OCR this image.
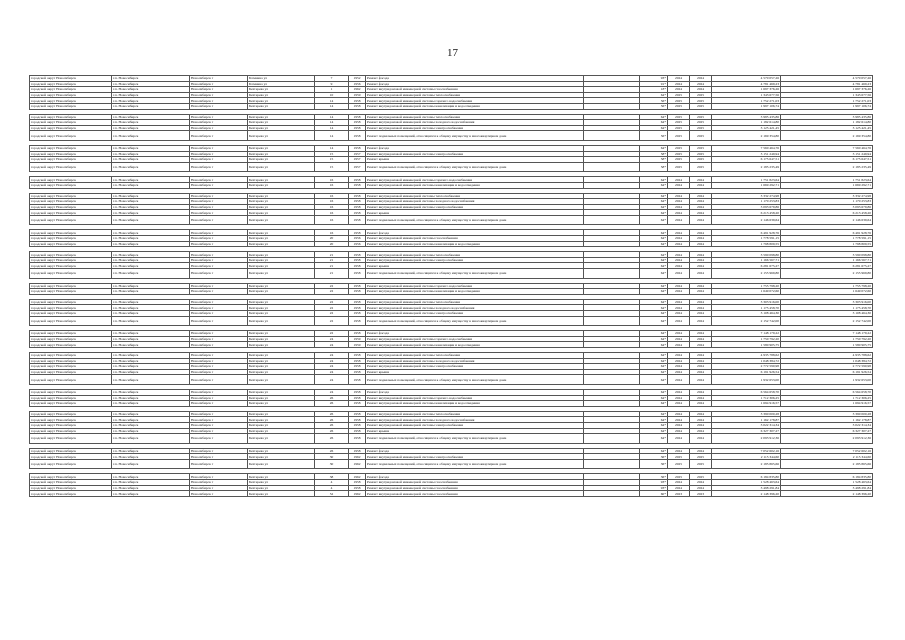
17
городской округ Новосибирск	г.п. Новосибирск	Новосибирск г	Батенина ул	7	1952	Ремонт фасада		93*	2024	2024	4 570 057,26	4 570 057,26
городской округ Новосибирск	г.п. Новосибирск	Новосибирск г	Батенина ул	9	1956	Ремонт фасада		91*	2024	2024	4 781 469,23	4 781 469,23
городской округ Новосибирск	г.п. Новосибирск	Новосибирск г	Бехтерева ул	1	1962	Ремонт внутридомовой инженерной системы газоснабжения		18*	2024	2024	1 697 376,26	1 697 376,26
городской округ Новосибирск	г.п. Новосибирск	Новосибирск г	Бехтерева ул	10	1959	Ремонт внутридомовой инженерной системы теплоснабжения		64*	2025	2025	1 343 677,56	1 343 677,56
городской округ Новосибирск	г.п. Новосибирск	Новосибирск г	Бехтерева ул	14	1958	Ремонт внутридомовой инженерной системы горячего водоснабжения		56*	2025	2025	1 752 271,03	1 752 271,03
городской округ Новосибирск	г.п. Новосибирск	Новосибирск г	Бехтерева ул	14	1958	Ремонт внутридомовой инженерной системы канализации и водоотведения		56*	2025	2025	1 997 106,74	1 997 106,74

городской округ Новосибирск	г.п. Новосибирск	Новосибирск г	Бехтерева ул	14	1958	Ремонт внутридомовой инженерной системы теплоснабжения		64*	2025	2025	3 985 435,86	3 985 435,86
городской округ Новосибирск	г.п. Новосибирск	Новосибирск г	Бехтерева ул	14	1958	Ремонт внутридомовой инженерной системы холодного водоснабжения		64*	2025	2025	1 182 614,80	1 182 614,80
городской округ Новосибирск	г.п. Новосибирск	Новосибирск г	Бехтерева ул	14	1958	Ремонт внутридомовой инженерной системы электроснабжения		64*	2025	2025	3 125 421,45	3 125 421,45
городской округ Новосибирск	г.п. Новосибирск	Новосибирск г	Бехтерева ул	14	1958	Ремонт подвальных помещений, относящихся к общему имуществу в многоквартирном доме		56*	2025	2025	2 169 354,80	2 169 354,80

городской округ Новосибирск	г.п. Новосибирск	Новосибирск г	Бехтерева ул	14	1958	Ремонт фасада		64*	2025	2025	7 560 464,76	7 560 464,76
городской округ Новосибирск	г.п. Новосибирск	Новосибирск г	Бехтерева ул	15	1957	Ремонт внутридомовой инженерной системы электроснабжения		58*	2025	2025	3 151 249,94	3 151 249,94
городской округ Новосибирск	г.п. Новосибирск	Новосибирск г	Бехтерева ул	15	1957	Ремонт крыши		58*	2025	2025	6 175 647,51	6 175 647,51
городской округ Новосибирск	г.п. Новосибирск	Новосибирск г	Бехтерева ул	15	1957	Ремонт подвальных помещений, относящихся к общему имуществу в многоквартирном доме		58*	2025	2025	2 185 235,49	2 185 235,49

городской округ Новосибирск	г.п. Новосибирск	Новосибирск г	Бехтерева ул	16	1958	Ремонт внутридомовой инженерной системы горячего водоснабжения		64*	2024	2024	1 751 823,64	1 751 823,64
городской округ Новосибирск	г.п. Новосибирск	Новосибирск г	Бехтерева ул	16	1958	Ремонт внутридомовой инженерной системы канализации и водоотведения		64*	2024	2024	1 669 292,71	1 669 292,71

городской округ Новосибирск	г.п. Новосибирск	Новосибирск г	Бехтерева ул	16	1958	Ремонт внутридомовой инженерной системы теплоснабжения		64*	2024	2024	3 332 274,98	3 332 274,98
городской округ Новосибирск	г.п. Новосибирск	Новосибирск г	Бехтерева ул	16	1958	Ремонт внутридомовой инженерной системы холодного водоснабжения		64*	2024	2024	1 170 253,83	1 170 253,83
городской округ Новосибирск	г.п. Новосибирск	Новосибирск г	Бехтерева ул	16	1958	Ремонт внутридомовой инженерной системы электроснабжения		64*	2024	2024	3 093 679,86	3 093 679,86
городской округ Новосибирск	г.п. Новосибирск	Новосибирск г	Бехтерева ул	16	1958	Ремонт крыши		64*	2024	2024	6 213 458,20	6 213 458,20
городской округ Новосибирск	г.п. Новосибирск	Новосибирск г	Бехтерева ул	16	1958	Ремонт подвальных помещений, относящихся к общему имуществу в многоквартирном доме		64*	2024	2024	2 146 639,64	2 146 639,64

городской округ Новосибирск	г.п. Новосибирск	Новосибирск г	Бехтерева ул	16	1958	Ремонт фасада		64*	2024	2024	6 491 928,76	6 491 928,76
городской округ Новосибирск	г.п. Новосибирск	Новосибирск г	Бехтерева ул	20	1956	Ремонт внутридомовой инженерной системы газоснабжения		64*	2024	2024	1 778 591,15	1 778 591,15
городской округ Новосибирск	г.п. Новосибирск	Новосибирск г	Бехтерева ул	20	1956	Ремонт внутридомовой инженерной системы канализации и водоотведения		64*	2024	2024	1 798 809,55	1 798 809,55

городской округ Новосибирск	г.п. Новосибирск	Новосибирск г	Бехтерева ул	21	1958	Ремонт внутридомовой инженерной системы теплоснабжения		64*	2024	2024	3 590 098,80	3 590 098,80
городской округ Новосибирск	г.п. Новосибирск	Новосибирск г	Бехтерева ул	21	1958	Ремонт внутридомовой инженерной системы электроснабжения		64*	2024	2024	1 166 567,71	1 166 567,71
городской округ Новосибирск	г.п. Новосибирск	Новосибирск г	Бехтерева ул	21	1958	Ремонт крыши		64*	2024	2024	6 281 675,27	6 281 675,27
городской округ Новосибирск	г.п. Новосибирск	Новосибирск г	Бехтерева ул	21	1958	Ремонт подвальных помещений, относящихся к общему имуществу в многоквартирном доме		64*	2024	2024	2 155 969,80	2 155 969,80

городской округ Новосибирск	г.п. Новосибирск	Новосибирск г	Бехтерева ул	22	1958	Ремонт внутридомовой инженерной системы горячего водоснабжения		64*	2024	2024	1 755 798,20	1 755 798,20
городской округ Новосибирск	г.п. Новосибирск	Новосибирск г	Бехтерева ул	22	1958	Ремонт внутридомовой инженерной системы канализации и водоотведения		64*	2024	2024	1 649 072,60	1 649 072,60

городской округ Новосибирск	г.п. Новосибирск	Новосибирск г	Бехтерева ул	22	1958	Ремонт внутридомовой инженерной системы теплоснабжения		64*	2024	2024	3 303 916,00	3 303 916,00
городской округ Новосибирск	г.п. Новосибирск	Новосибирск г	Бехтерева ул	22	1958	Ремонт внутридомовой инженерной системы холодного водоснабжения		64*	2024	2024	1 175 458,70	1 175 458,70
городской округ Новосибирск	г.п. Новосибирск	Новосибирск г	Бехтерева ул	22	1958	Ремонт внутридомовой инженерной системы электроснабжения		64*	2024	2024	3 108 464,30	3 108 464,30
городской округ Новосибирск	г.п. Новосибирск	Новосибирск г	Бехтерева ул	22	1958	Ремонт подвальных помещений, относящихся к общему имуществу в многоквартирном доме		64*	2024	2024	2 152 742,00	2 152 742,00

городской округ Новосибирск	г.п. Новосибирск	Новосибирск г	Бехтерева ул	22	1958	Ремонт фасада		64*	2024	2024	7 148 179,22	7 148 179,22
городской округ Новосибирск	г.п. Новосибирск	Новосибирск г	Бехтерева ул	24	1959	Ремонт внутридомовой инженерной системы горячего водоснабжения		64*	2024	2024	1 750 792,20	1 750 792,20
городской округ Новосибирск	г.п. Новосибирск	Новосибирск г	Бехтерева ул	24	1959	Ремонт внутридомовой инженерной системы канализации и водоотведения		64*	2024	2024	1 580 905,75	1 580 905,75

городской округ Новосибирск	г.п. Новосибирск	Новосибирск г	Бехтерева ул	24	1958	Ремонт внутридомовой инженерной системы теплоснабжения		64*	2024	2024	4 935 788,62	4 935 788,62
городской округ Новосибирск	г.п. Новосибирск	Новосибирск г	Бехтерева ул	24	1958	Ремонт внутридомовой инженерной системы холодного водоснабжения		64*	2024	2024	1 048 384,72	1 048 384,72
городской округ Новосибирск	г.п. Новосибирск	Новосибирск г	Бехтерева ул	24	1958	Ремонт внутридомовой инженерной системы электроснабжения		64*	2024	2024	2 772 590,98	2 772 590,98
городской округ Новосибирск	г.п. Новосибирск	Новосибирск г	Бехтерева ул	24	1958	Ремонт крыши		64*	2024	2024	6 191 926,54	6 191 926,54
городской округ Новосибирск	г.п. Новосибирск	Новосибирск г	Бехтерева ул	24	1958	Ремонт подвальных помещений, относящихся к общему имуществу в многоквартирном доме		64*	2024	2024	1 932 653,00	1 932 653,00

городской округ Новосибирск	г.п. Новосибирск	Новосибирск г	Бехтерева ул	24	1958	Ремонт фасада		64*	2024	2024	6 564 658,70	6 564 658,70
городской округ Новосибирск	г.п. Новосибирск	Новосибирск г	Бехтерева ул	26	1958	Ремонт внутридомовой инженерной системы горячего водоснабжения		64*	2024	2024	1 712 306,25	1 712 306,25
городской округ Новосибирск	г.п. Новосибирск	Новосибирск г	Бехтерева ул	26	1958	Ремонт внутридомовой инженерной системы канализации и водоотведения		64*	2024	2024	1 694 916,57	1 694 916,57

городской округ Новосибирск	г.п. Новосибирск	Новосибирск г	Бехтерева ул	26	1958	Ремонт внутридомовой инженерной системы теплоснабжения		64*	2024	2024	3 390 000,28	3 390 000,28
городской округ Новосибирск	г.п. Новосибирск	Новосибирск г	Бехтерева ул	26	1958	Ремонт внутридомовой инженерной системы холодного водоснабжения		64*	2024	2024	1 162 178,87	1 162 178,87
городской округ Новосибирск	г.п. Новосибирск	Новосибирск г	Бехтерева ул	26	1958	Ремонт внутридомовой инженерной системы электроснабжения		64*	2024	2024	3 022 314,34	3 022 314,34
городской округ Новосибирск	г.п. Новосибирск	Новосибирск г	Бехтерева ул	26	1958	Ремонт крыши		64*	2024	2024	6 327 307,27	6 327 307,27
городской округ Новосибирск	г.п. Новосибирск	Новосибирск г	Бехтерева ул	26	1958	Ремонт подвальных помещений, относящихся к общему имуществу в многоквартирном доме		64*	2024	2024	2 093 912,36	2 093 912,36

городской округ Новосибирск	г.п. Новосибирск	Новосибирск г	Бехтерева ул	26	1958	Ремонт фасада		64*	2024	2024	7 052 602,16	7 052 602,16
городской округ Новосибирск	г.п. Новосибирск	Новосибирск г	Бехтерева ул	30	1962	Ремонт внутридомовой инженерной системы электроснабжения		36*	2025	2025	2 115 344,60	2 115 344,60
городской округ Новосибирск	г.п. Новосибирск	Новосибирск г	Бехтерева ул	30	1962	Ремонт подвальных помещений, относящихся к общему имуществу в многоквартирном доме		36*	2025	2025	2 185 865,66	2 185 865,66

городской округ Новосибирск	г.п. Новосибирск	Новосибирск г	Бехтерева ул	38	1962	Ремонт фасада		36*	2025	2025	6 184 835,80	6 184 835,80
городской округ Новосибирск	г.п. Новосибирск	Новосибирск г	Бехтерева ул	4	1958	Ремонт внутридомовой инженерной системы газоснабжения		93*	2024	2024	1 528 463,64	1 528 463,64
городской округ Новосибирск	г.п. Новосибирск	Новосибирск г	Бехтерева ул	4	1958	Ремонт внутридомовой инженерной системы газоснабжения		93*	2024	2024	3 498 291,84	3 498 291,84
городской округ Новосибирск	г.п. Новосибирск	Новосибирск г	Бехтерева ул	52	1962	Ремонт внутридомовой инженерной системы газоснабжения		60*	2023	2023	2 148 396,20	2 148 396,20
